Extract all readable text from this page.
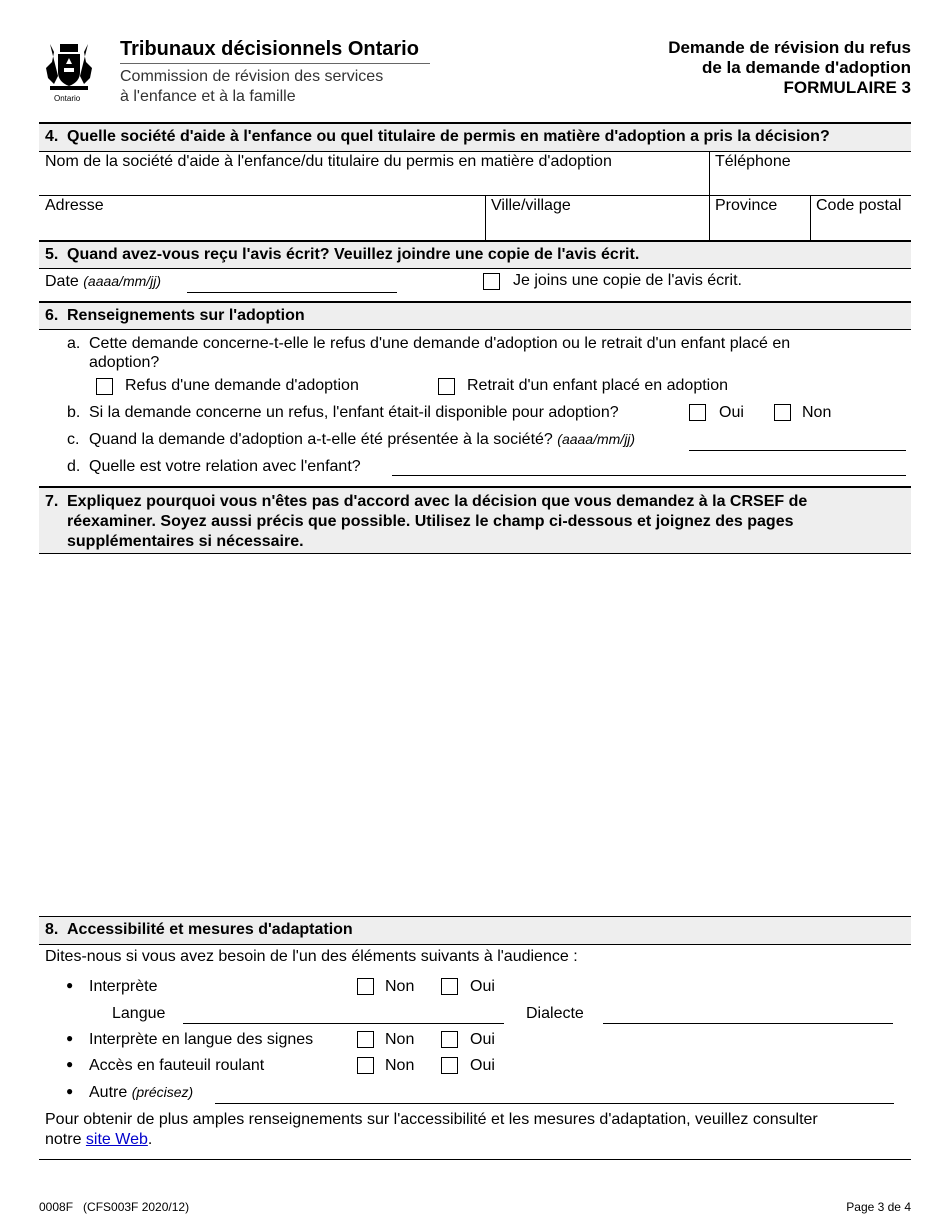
Ontario
Tribunaux décisionnels Ontario
Commission de révision des services
à l'enfance et à la famille
Demande de révision du refus
de la demande d'adoption
FORMULAIRE 3
4. Quelle société d'aide à l'enfance ou quel titulaire de permis en matière d'adoption a pris la décision?
Nom de la société d'aide à l'enfance/du titulaire du permis en matière d'adoption	Téléphone
Adresse	Ville/village	Province Code postal
5. Quand avez-vous reçu l'avis écrit? Veuillez joindre une copie de l'avis écrit.
Date (aaaa/mm/jj)	Je joins une copie de l'avis écrit.
6. Renseignements sur l'adoption
a. Cette demande concerne-t-elle le refus d'une demande d'adoption ou le retrait d'un enfant placé en
adoption?
Refus d'une demande d'adoption	Retrait d'un enfant placé en adoption
b. Si la demande concerne un refus, l'enfant était-il disponible pour adoption?	Oui	Non
c. Quand la demande d'adoption a-t-elle été présentée à la société? (aaaa/mm/jj)
d. Quelle est votre relation avec l'enfant?
7. Expliquez pourquoi vous n'êtes pas d'accord avec la décision que vous demandez à la CRSEF de
réexaminer. Soyez aussi précis que possible. Utilisez le champ ci-dessous et joignez des pages
supplémentaires si nécessaire.
8. Accessibilité et mesures d'adaptation
Dites-nous si vous avez besoin de l'un des éléments suivants à l'audience :
● Interprète	Non	Oui
Langue	Dialecte
● Interprète en langue des signes	Non	Oui
● Accès en fauteuil roulant	Non	Oui
● Autre (précisez)
Pour obtenir de plus amples renseignements sur l'accessibilité et les mesures d'adaptation, veuillez consulter
notre site Web.
0008F   (CFS003F 2020/12)	Page 3 de 4
